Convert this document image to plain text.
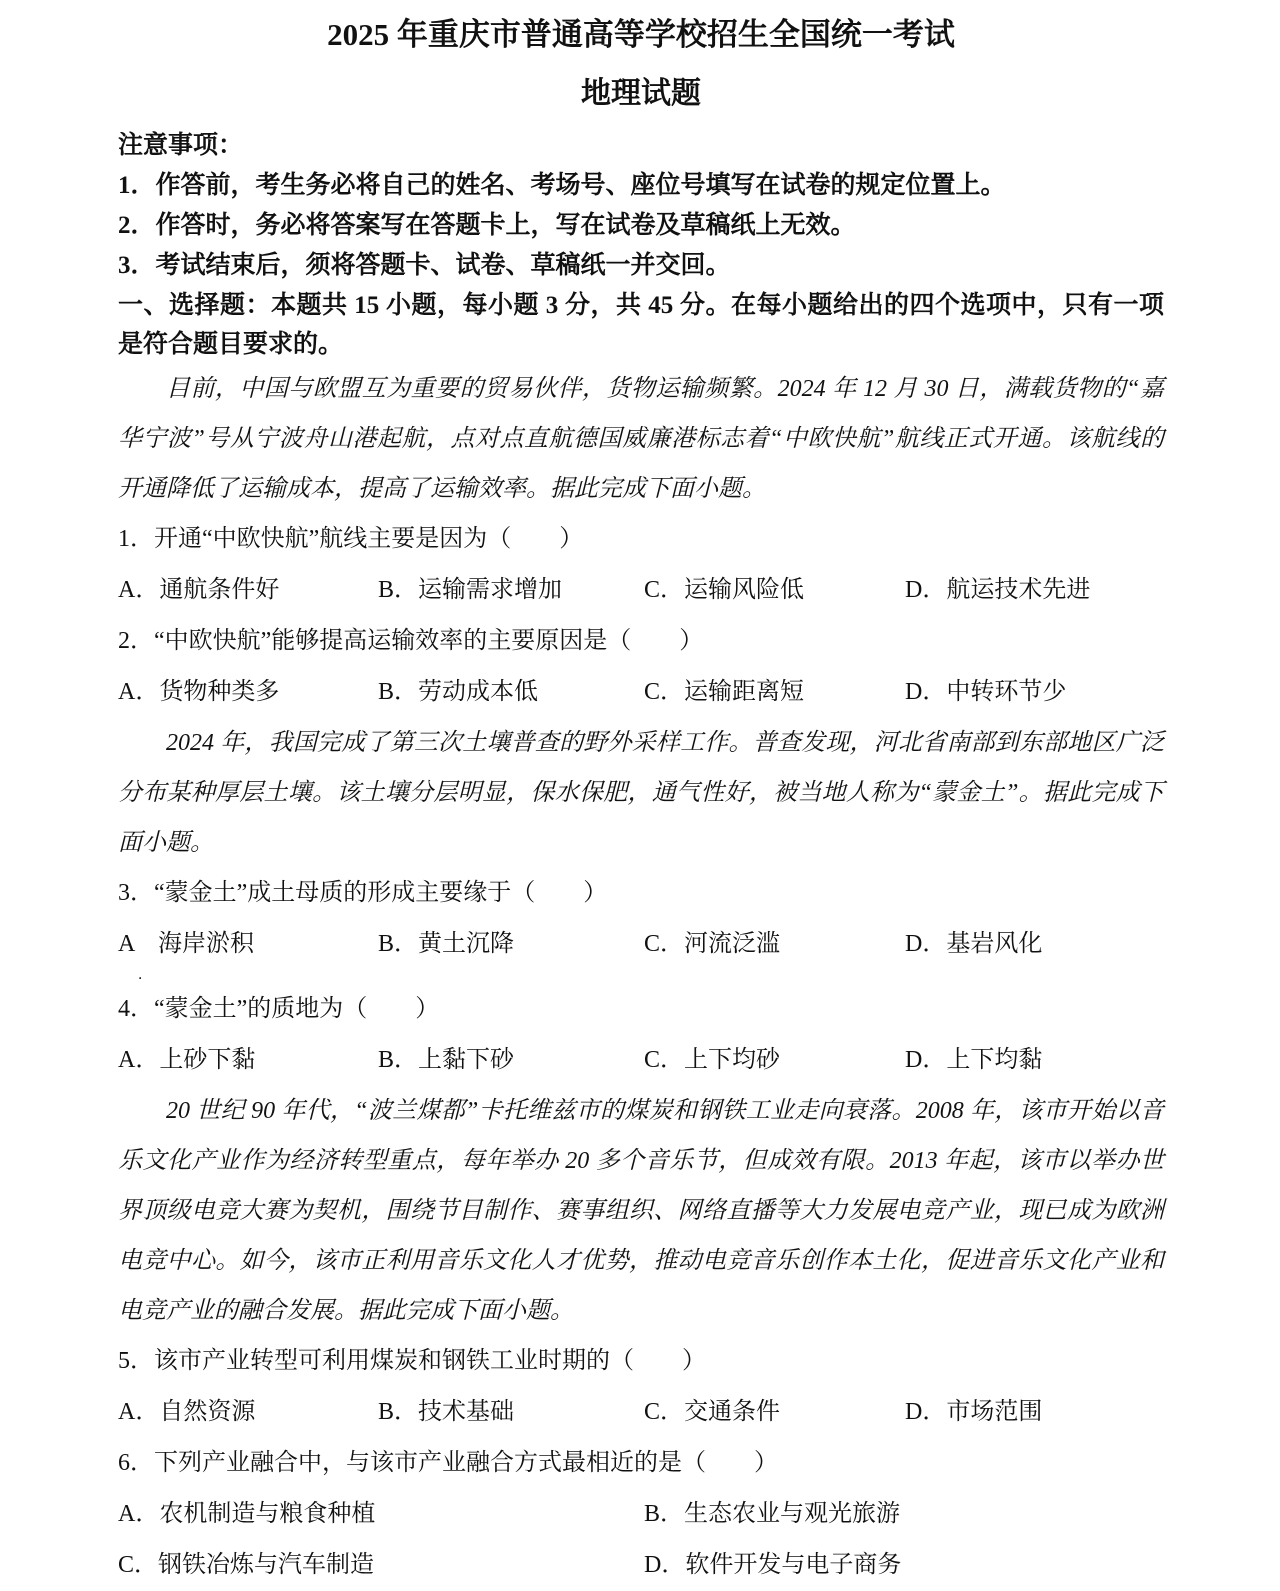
2025 年重庆市普通高等学校招生全国统一考试
地理试题
注意事项：
1．作答前，考生务必将自己的姓名、考场号、座位号填写在试卷的规定位置上。
2．作答时，务必将答案写在答题卡上，写在试卷及草稿纸上无效。
3．考试结束后，须将答题卡、试卷、草稿纸一并交回。
一、选择题：本题共 15 小题，每小题 3 分，共 45 分。在每小题给出的四个选项中，只有一项是符合题目要求的。

目前，中国与欧盟互为重要的贸易伙伴，货物运输频繁。2024 年 12 月 30 日，满载货物的“嘉华宁波”号从宁波舟山港起航，点对点直航德国威廉港标志着“中欧快航”航线正式开通。该航线的开通降低了运输成本，提高了运输效率。据此完成下面小题。

1．开通“中欧快航”航线主要是因为（　　）
A．通航条件好	B．运输需求增加	C．运输风险低	D．航运技术先进
2．“中欧快航”能够提高运输效率的主要原因是（　　）
A．货物种类多	B．劳动成本低	C．运输距离短	D．中转环节少

2024 年，我国完成了第三次土壤普查的野外采样工作。普查发现，河北省南部到东部地区广泛分布某种厚层土壤。该土壤分层明显，保水保肥，通气性好，被当地人称为“蒙金土”。据此完成下面小题。

3．“蒙金土”成土母质的形成主要缘于（　　）
A　海岸淤积	B．黄土沉降	C．河流泛滥	D．基岩风化
．
4．“蒙金土”的质地为（　　）
A．上砂下黏	B．上黏下砂	C．上下均砂	D．上下均黏

20 世纪 90 年代，“波兰煤都”卡托维兹市的煤炭和钢铁工业走向衰落。2008 年，该市开始以音乐文化产业作为经济转型重点，每年举办 20 多个音乐节，但成效有限。2013 年起，该市以举办世界顶级电竞大赛为契机，围绕节目制作、赛事组织、网络直播等大力发展电竞产业，现已成为欧洲电竞中心。如今，该市正利用音乐文化人才优势，推动电竞音乐创作本土化，促进音乐文化产业和电竞产业的融合发展。据此完成下面小题。

5．该市产业转型可利用煤炭和钢铁工业时期的（　　）
A．自然资源	B．技术基础	C．交通条件	D．市场范围
6．下列产业融合中，与该市产业融合方式最相近的是（　　）
A．农机制造与粮食种植	B．生态农业与观光旅游
C．钢铁冶炼与汽车制造	D．软件开发与电子商务
